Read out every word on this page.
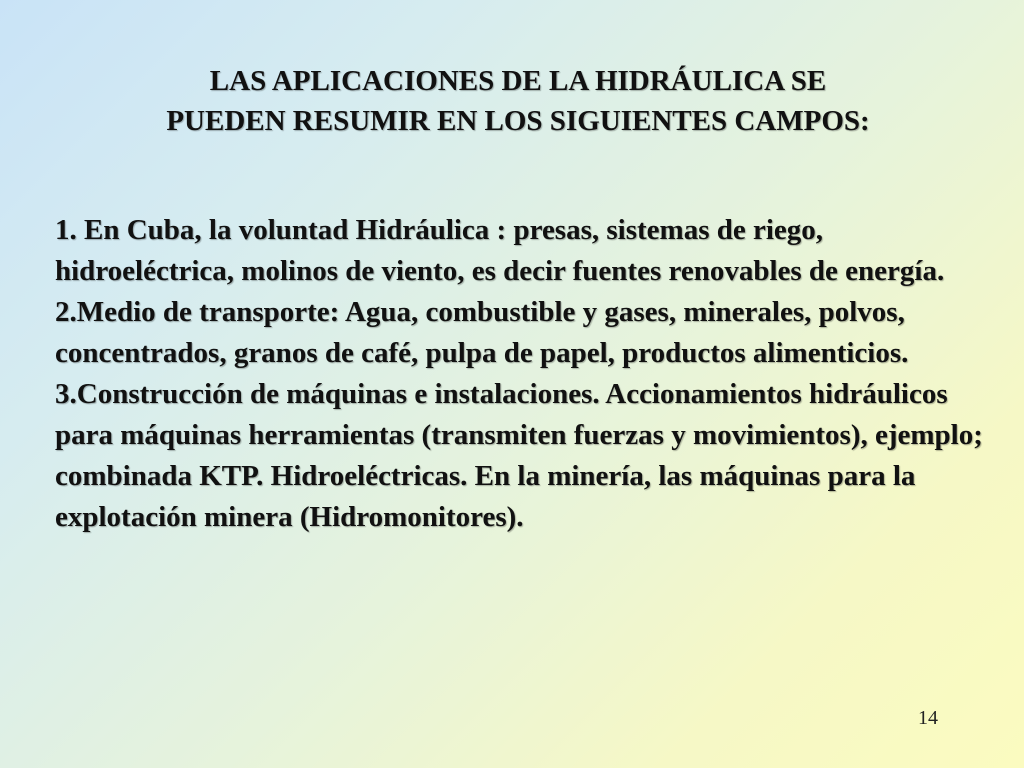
LAS APLICACIONES DE LA HIDRÁULICA SE
PUEDEN RESUMIR EN LOS SIGUIENTES CAMPOS:

1. En Cuba, la voluntad Hidráulica : presas, sistemas de riego, hidroeléctrica, molinos de viento, es decir fuentes renovables de energía.

2.Medio de transporte: Agua, combustible y gases, minerales, polvos, concentrados, granos de café, pulpa de papel, productos alimenticios.

3.Construcción de máquinas e instalaciones. Accionamientos hidráulicos para máquinas herramientas (transmiten fuerzas y movimientos), ejemplo; combinada KTP. Hidroeléctricas. En la minería, las máquinas para la explotación minera (Hidromonitores).

14
